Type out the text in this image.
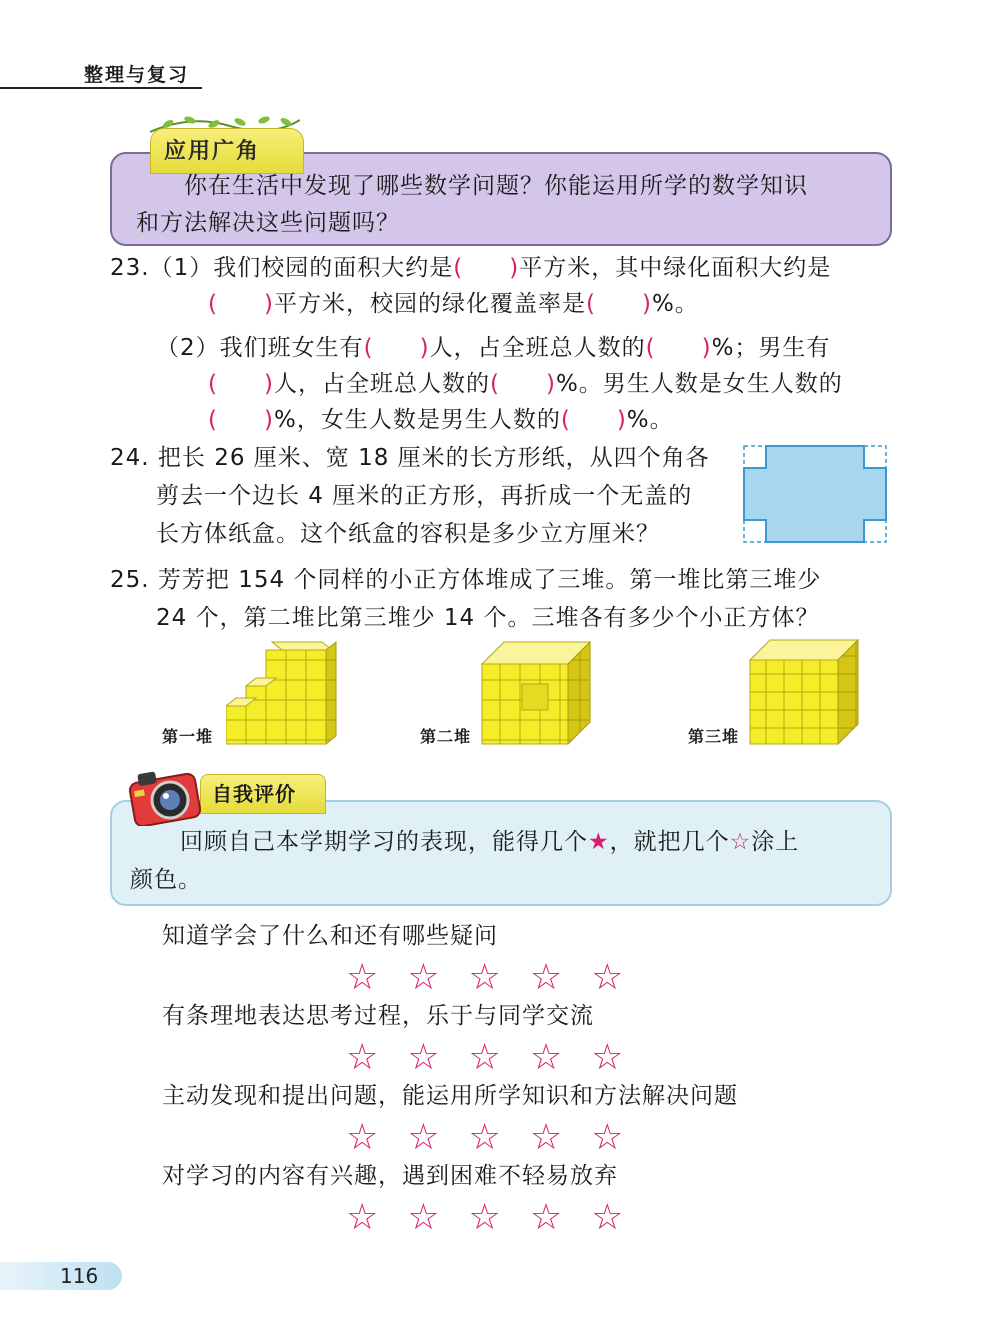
整理与复习
应用广角
你在生活中发现了哪些数学问题？你能运用所学的数学知识
和方法解决这些问题吗？
23.（1）我们校园的面积大约是( )平方米，其中绿化面积大约是
( )平方米，校园的绿化覆盖率是( )%。
（2）我们班女生有( )人，占全班总人数的( )%；男生有
( )人，占全班总人数的( )%。男生人数是女生人数的
( )%，女生人数是男生人数的( )%。
24. 把长 26 厘米、宽 18 厘米的长方形纸，从四个角各
剪去一个边长 4 厘米的正方形，再折成一个无盖的
长方体纸盒。这个纸盒的容积是多少立方厘米？
25. 芳芳把 154 个同样的小正方体堆成了三堆。第一堆比第三堆少
24 个，第二堆比第三堆少 14 个。三堆各有多少个小正方体？
第一堆	第二堆	第三堆
自我评价
回顾自己本学期学习的表现，能得几个★，就把几个☆涂上
颜色。
知道学会了什么和还有哪些疑问
☆☆☆☆☆
有条理地表达思考过程，乐于与同学交流
☆☆☆☆☆
主动发现和提出问题，能运用所学知识和方法解决问题
☆☆☆☆☆
对学习的内容有兴趣，遇到困难不轻易放弃
☆☆☆☆☆
116
